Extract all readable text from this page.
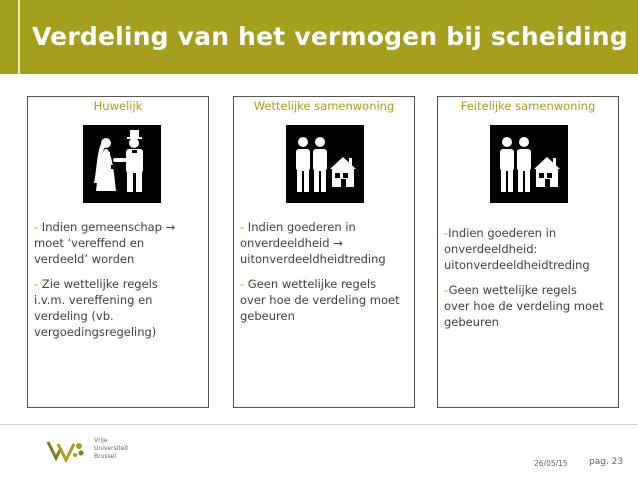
Verdeling van het vermogen bij scheiding
Huwelijk

- Indien gemeenschap →
moet ‘vereffend en
verdeeld’ worden

- Zie wettelijke regels
i.v.m. vereffening en
verdeling (vb.
vergoedingsregeling)

Wettelijke samenwoning

- Indien goederen in
onverdeeldheid →
uitonverdeeldheidtreding

- Geen wettelijke regels
over hoe de verdeling moet
gebeuren

Feitelijke samenwoning

-Indien goederen in
onverdeeldheid:
uitonverdeeldheidtreding

-Geen wettelijke regels
over hoe de verdeling moet
gebeuren

Vrije
Universiteit
Brussel
26/05/15 pag. 23
